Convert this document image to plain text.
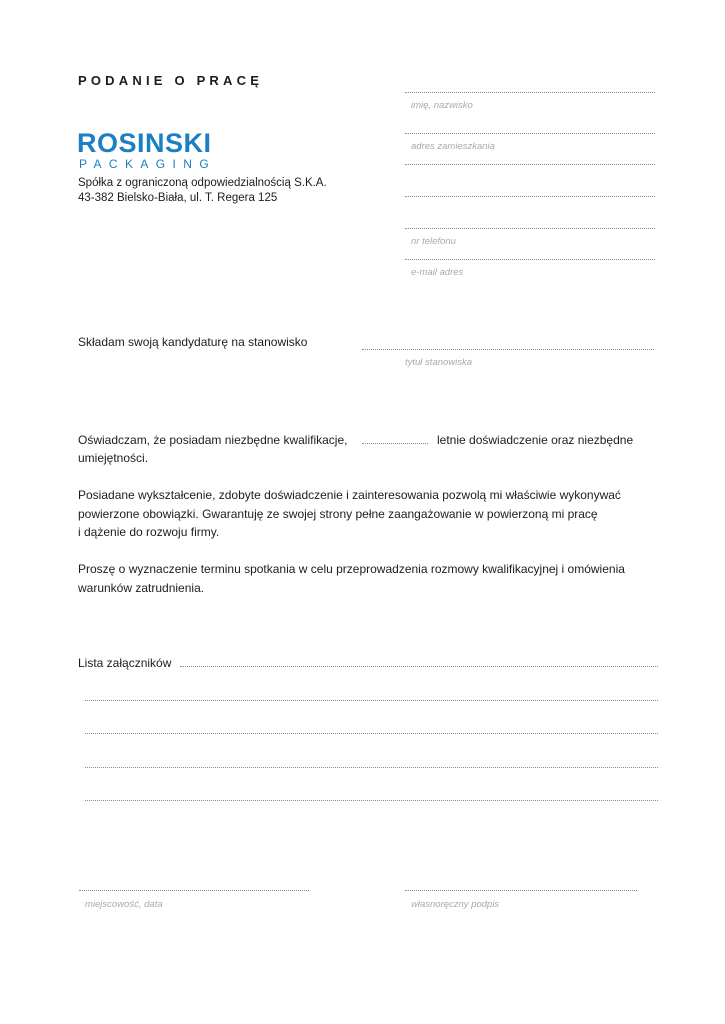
PODANIE O PRACĘ
ROSINSKI
PACKAGING
Spółka z ograniczoną odpowiedzialnością S.K.A.
43-382 Bielsko-Biała, ul. T. Regera 125
imię, nazwisko
adres zamieszkania
nr telefonu
e-mail adres
Składam swoją kandydaturę na stanowisko
tytuł stanowiska
Oświadczam, że posiadam niezbędne kwalifikacje,	letnie doświadczenie oraz niezbędne
umiejętności.
Posiadane wykształcenie, zdobyte doświadczenie i zainteresowania pozwolą mi właściwie wykonywać
powierzone obowiązki. Gwarantuję ze swojej strony pełne zaangażowanie w powierzoną mi pracę
i dążenie do rozwoju firmy.
Proszę o wyznaczenie terminu spotkania w celu przeprowadzenia rozmowy kwalifikacyjnej i omówienia
warunków zatrudnienia.
Lista załączników
miejscowość, data	własnoręczny podpis
